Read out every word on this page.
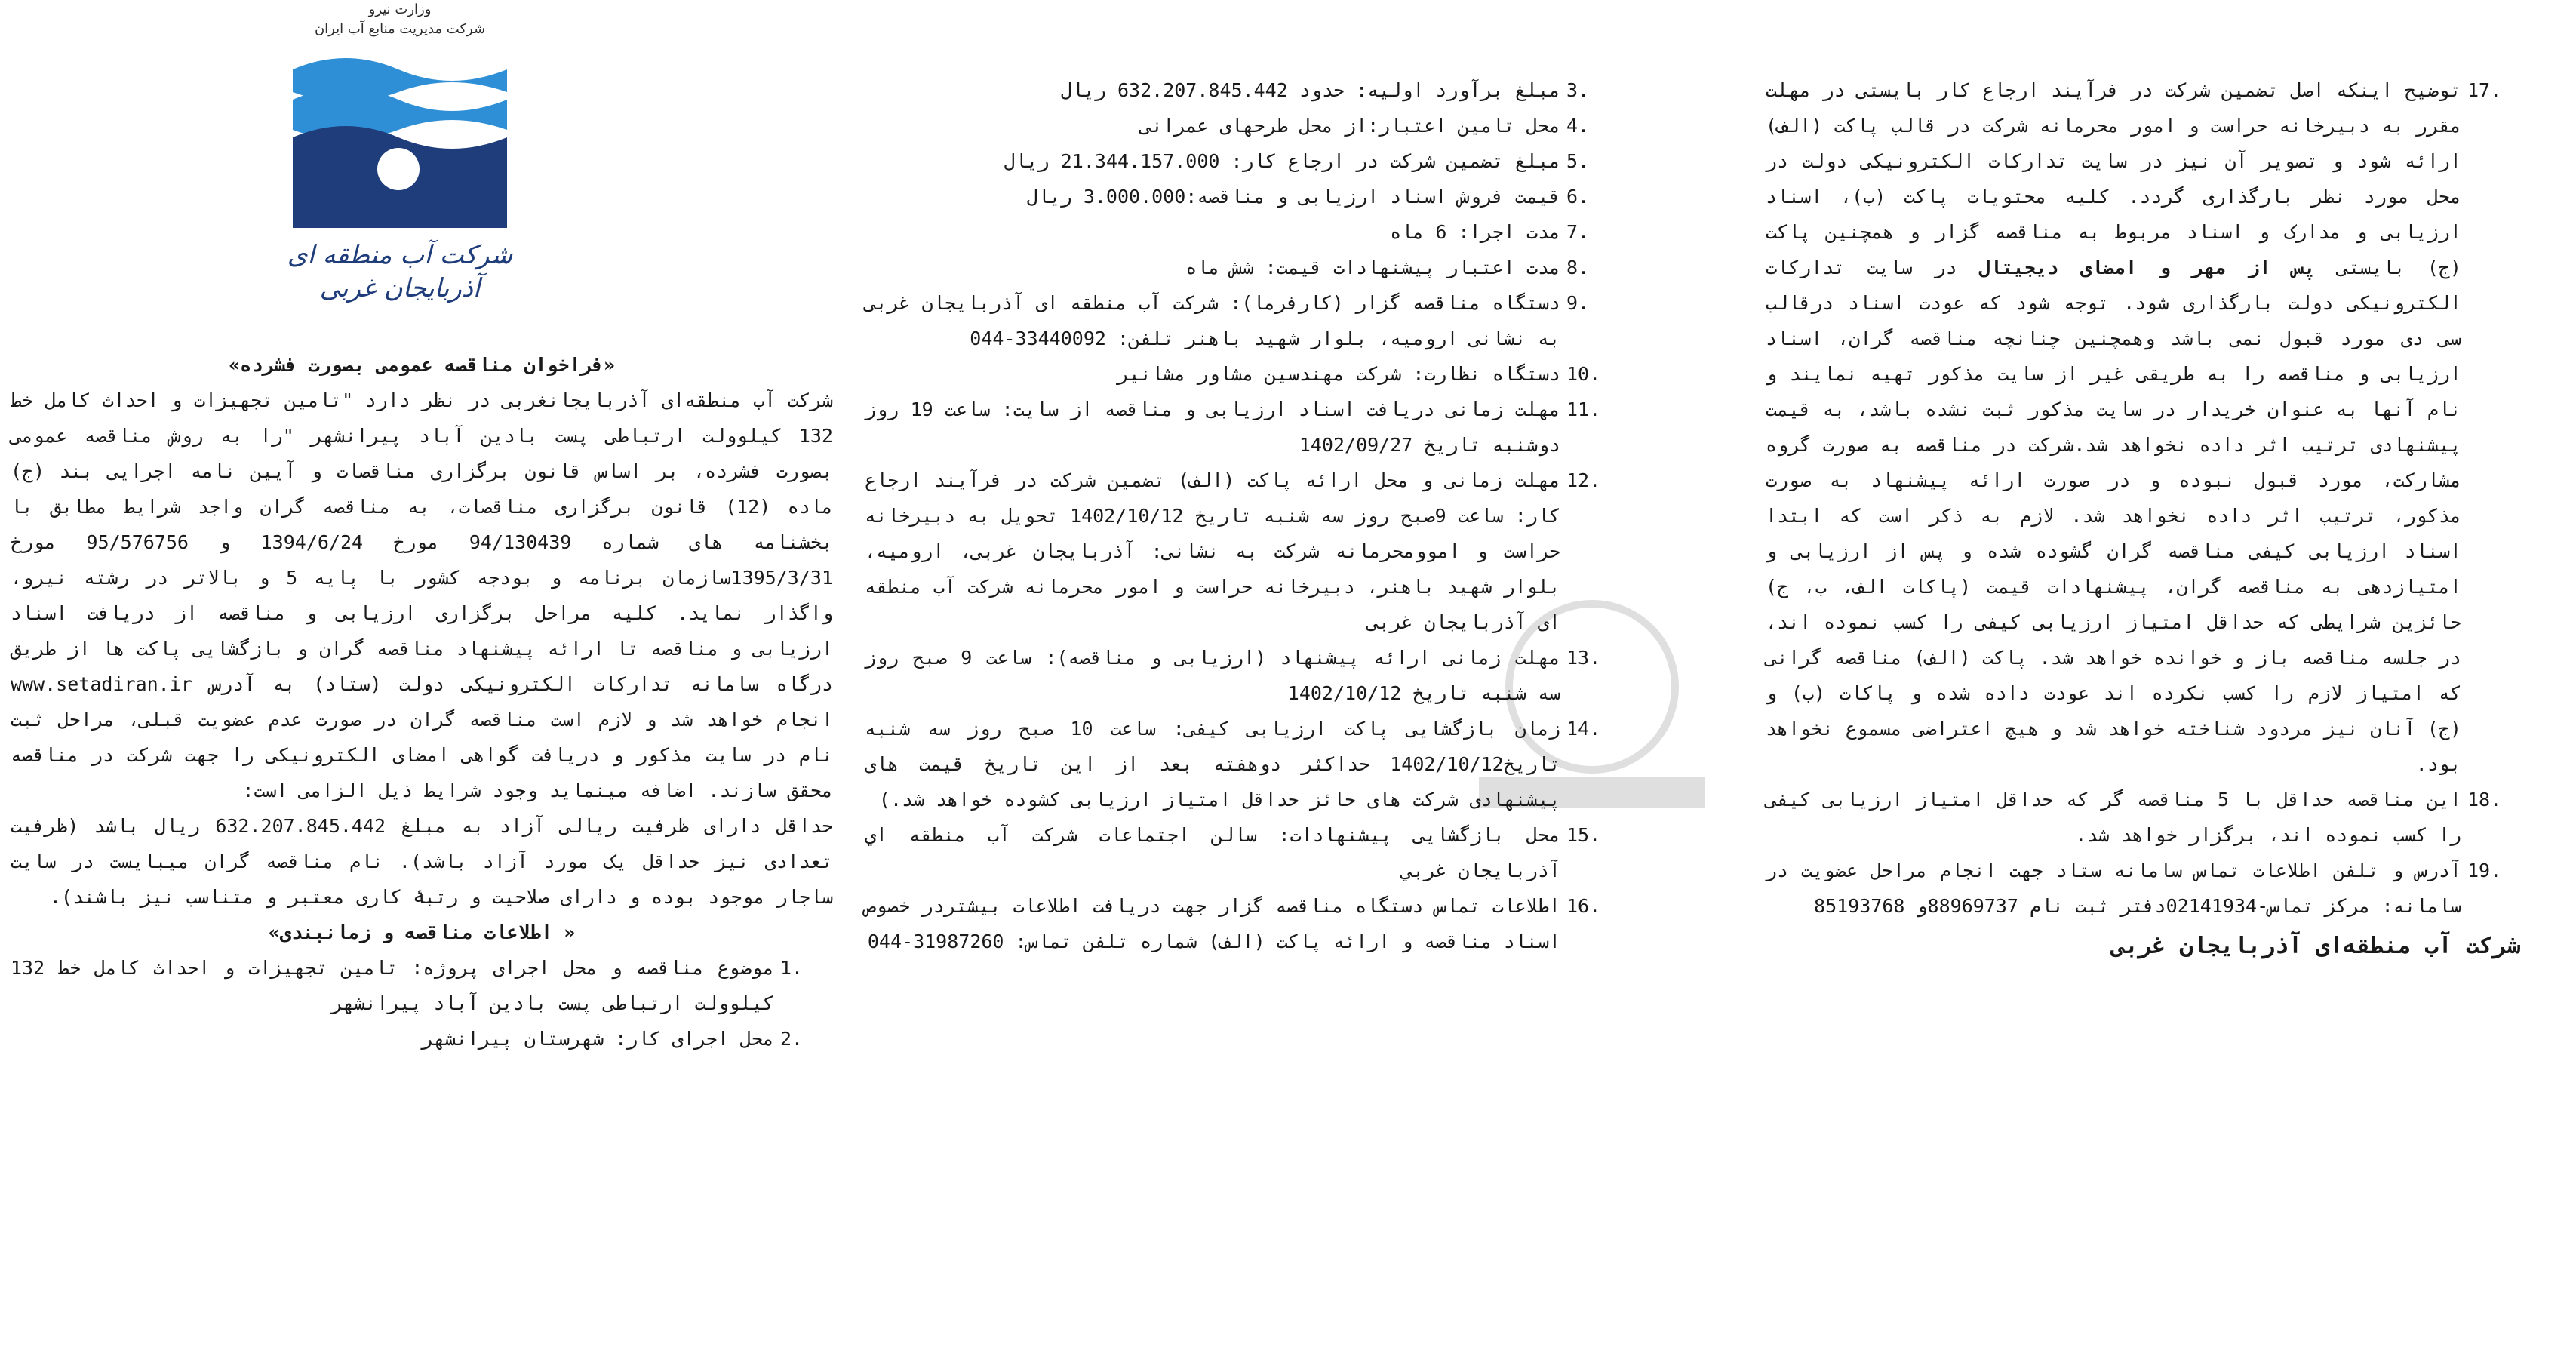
وزارت نیرو
شرکت مدیریت منابع آب ایران
شرکت آب منطقه ای آذربایجان غربی

«فراخوان مناقصه عمومی بصورت فشرده»

شرکت آب منطقه‌ای آذربایجانغربی در نظر دارد "تامین تجهیزات و احداث کامل خط 132 کیلوولت ارتباطی پست بادین آباد پیرانشهر "را به روش مناقصه عمومی بصورت فشرده، بر اساس قانون برگزاری مناقصات و آیین نامه اجرایی بند (ج) ماده (12) قانون برگزاری مناقصات، به مناقصه گران واجد شرایط مطابق با بخشنامه های شماره 94/130439 مورخ 1394/6/24 و 95/576756 مورخ 1395/3/31سازمان برنامه و بودجه کشور با پایه 5 و بالاتر در رشته نیرو، واگذار نماید. کلیه مراحل برگزاری ارزیابی و مناقصه از دریافت اسناد ارزیابی و مناقصه تا ارائه پیشنهاد مناقصه گران و بازگشایی پاکت ها از طریق درگاه سامانه تدارکات الکترونیکی دولت (ستاد) به آدرس www.setadiran.ir انجام خواهد شد و لازم است مناقصه گران در صورت عدم عضویت قبلی، مراحل ثبت نام در سایت مذکور و دریافت گواهی امضای الکترونیکی را جهت شرکت در مناقصه محقق سازند. اضافه مینماید وجود شرایط ذیل الزامی است:

حداقل دارای ظرفیت ریالی آزاد به مبلغ 632.207.845.442 ریال باشد (ظرفیت تعدادی نیز حداقل یک مورد آزاد باشد). نام مناقصه گران میبایست در سایت ساجار موجود بوده و دارای صلاحیت و رتبۀ کاری معتبر و متناسب نیز باشند).

« اطلاعات مناقصه و زمانبندی»

1.
موضوع مناقصه و محل اجرای پروژه: تامین تجهیزات و احداث کامل خط 132 کیلوولت ارتباطی پست بادین آباد پیرانشهر
2.
محل اجرای کار: شهرستان پیرانشهر
3.
مبلغ برآورد اولیه: حدود 632.207.845.442 ریال
4.
محل تامین اعتبار:از محل طرحهای عمرانی
5.
مبلغ تضمین شرکت در ارجاع کار: 21.344.157.000 ریال
6.
قیمت فروش اسناد ارزیابی و مناقصه:3.000.000 ریال
7.
مدت اجرا: 6 ماه
8.
مدت اعتبار پیشنهادات قیمت: شش ماه
9.
دستگاه مناقصه گزار (کارفرما): شرکت آب منطقه ای آذربایجان غربی به نشانی ارومیه، بلوار شهید باهنر تلفن: 33440092-044
10.
دستگاه نظارت: شرکت مهندسین مشاور مشانیر
11.
مهلت زمانی دریافت اسناد ارزیابی و مناقصه از سایت: ساعت 19 روز دوشنبه تاریخ 1402/09/27
12.
مهلت زمانی و محل ارائه پاکت (الف) تضمین شرکت در فرآیند ارجاع کار: ساعت 9صبح روز سه شنبه تاریخ 1402/10/12 تحویل به دبیرخانه حراست و اموومحرمانه شرکت به نشانی: آذربایجان غربی، ارومیه، بلوار شهید باهنر، دبیرخانه حراست و امور محرمانه شرکت آب منطقه ای آذربایجان غربی
13.
مهلت زمانی ارائه پیشنهاد (ارزیابی و مناقصه): ساعت 9 صبح روز سه شنبه تاریخ 1402/10/12
14.
زمان بازگشایی پاکت ارزیابی کیفی: ساعت 10 صبح روز سه شنبه تاریخ1402/10/12 حداکثر دوهفته بعد از این تاریخ قیمت های پیشنهادی شرکت های حائز حداقل امتیاز ارزیابی کشوده خواهد شد.)
15.
محل بازگشایی پیشنهادات: سالن اجتماعات شرکت آب منطقه اي آذربايجان غربي
16.
اطلاعات تماس دستگاه مناقصه گزار جهت دریافت اطلاعات بیشتردر خصوص اسناد مناقصه و ارائه پاکت (الف) شماره تلفن تماس: 31987260-044
17.
توضیح اینکه اصل تضمین شرکت در فرآیند ارجاع کار بایستی در مهلت مقرر به دبیرخانه حراست و امور محرمانه شرکت در قالب پاکت (الف) ارائه شود و تصویر آن نیز در سایت تدارکات الکترونیکی دولت در محل مورد نظر بارگذاری گردد. کلیه محتویات پاکت (ب)، اسناد ارزیابی و مدارک و اسناد مربوط به مناقصه گزار و همچنین پاکت (ج) بایستی پس از مهر و امضای دیجیتال در سایت تدارکات الکترونیکی دولت بارگذاری شود. توجه شود که عودت اسناد درقالب سی دی مورد قبول نمی باشد وهمچنین چنانچه مناقصه گران، اسناد ارزیابی و مناقصه را به طریقی غیر از سایت مذکور تهیه نمایند و نام آنها به عنوان خریدار در سایت مذکور ثبت نشده باشد، به قیمت پیشنهادی ترتیب اثر داده نخواهد شد.شرکت در مناقصه به صورت گروه مشارکت، مورد قبول نبوده و در صورت ارائه پیشنهاد به صورت مذکور، ترتیب اثر داده نخواهد شد. لازم به ذکر است که ابتدا اسناد ارزیابی کیفی مناقصه گران گشوده شده و پس از ارزیابی و امتیازدهی به مناقصه گران، پیشنهادات قیمت (پاکات الف، ب، ج) حائزین شرایطی که حداقل امتیاز ارزیابی کیفی را کسب نموده اند، در جلسه مناقصه باز و خوانده خواهد شد. پاکت (الف) مناقصه گرانی که امتیاز لازم را کسب نکرده اند عودت داده شده و پاکات (ب) و (ج) آنان نیز مردود شناخته خواهد شد و هیچ اعتراضی مسموع نخواهد بود.
18.
این مناقصه حداقل با 5 مناقصه گر که حداقل امتیاز ارزیابی کیفی را کسب نموده اند، برگزار خواهد شد.
19.
آدرس و تلفن اطلاعات تماس سامانه ستاد جهت انجام مراحل عضویت در سامانه: مرکز تماس-02141934دفتر ثبت نام 88969737و 85193768
شرکت آب منطقه‌ای آذربایجان غربی
